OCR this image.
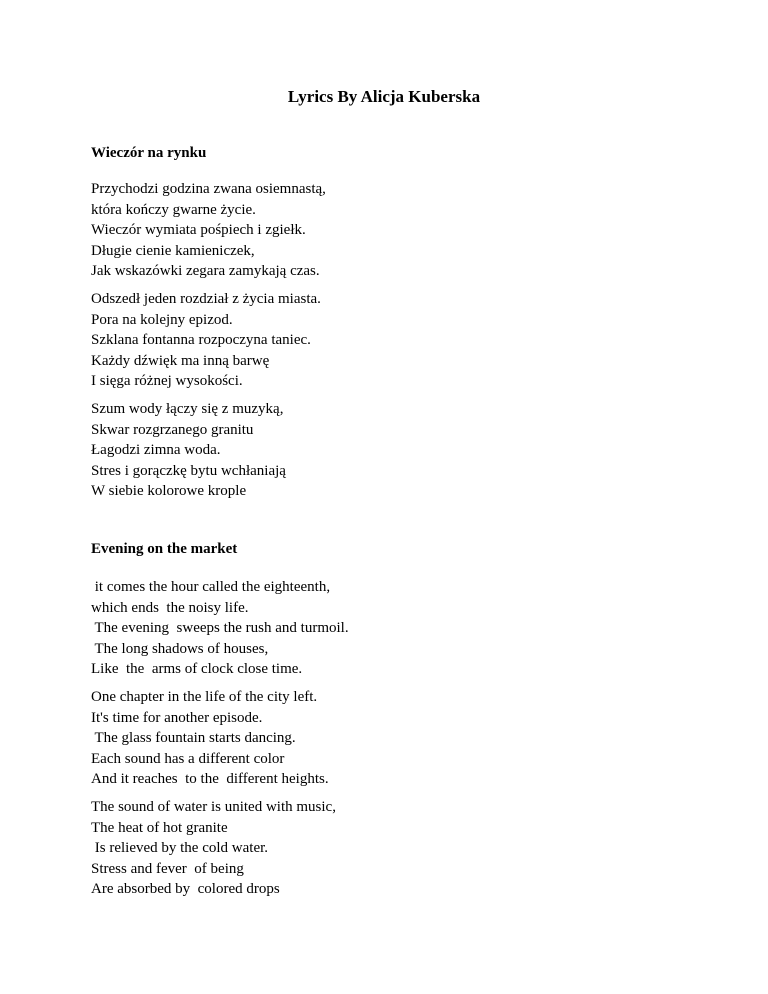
Lyrics By Alicja Kuberska
Wieczór na rynku
Przychodzi godzina zwana osiemnastą,
która kończy gwarne życie.
Wieczór wymiata pośpiech i zgiełk.
Długie cienie kamieniczek,
Jak wskazówki zegara zamykają czas.
Odszedł jeden rozdział z życia miasta.
Pora na kolejny epizod.
Szklana fontanna rozpoczyna taniec.
Każdy dźwięk ma inną barwę
I sięga różnej wysokości.
Szum wody łączy się z muzyką,
Skwar rozgrzanego granitu
Łagodzi zimna woda.
Stres i gorączkę bytu wchłaniają
W siebie kolorowe krople
Evening on the market
it comes the hour called the eighteenth,
which ends  the noisy life.
The evening  sweeps the rush and turmoil.
The long shadows of houses,
Like  the  arms of clock close time.
One chapter in the life of the city left.
It's time for another episode.
The glass fountain starts dancing.
Each sound has a different color
And it reaches  to the  different heights.
The sound of water is united with music,
The heat of hot granite
Is relieved by the cold water.
Stress and fever  of being
Are absorbed by  colored drops
